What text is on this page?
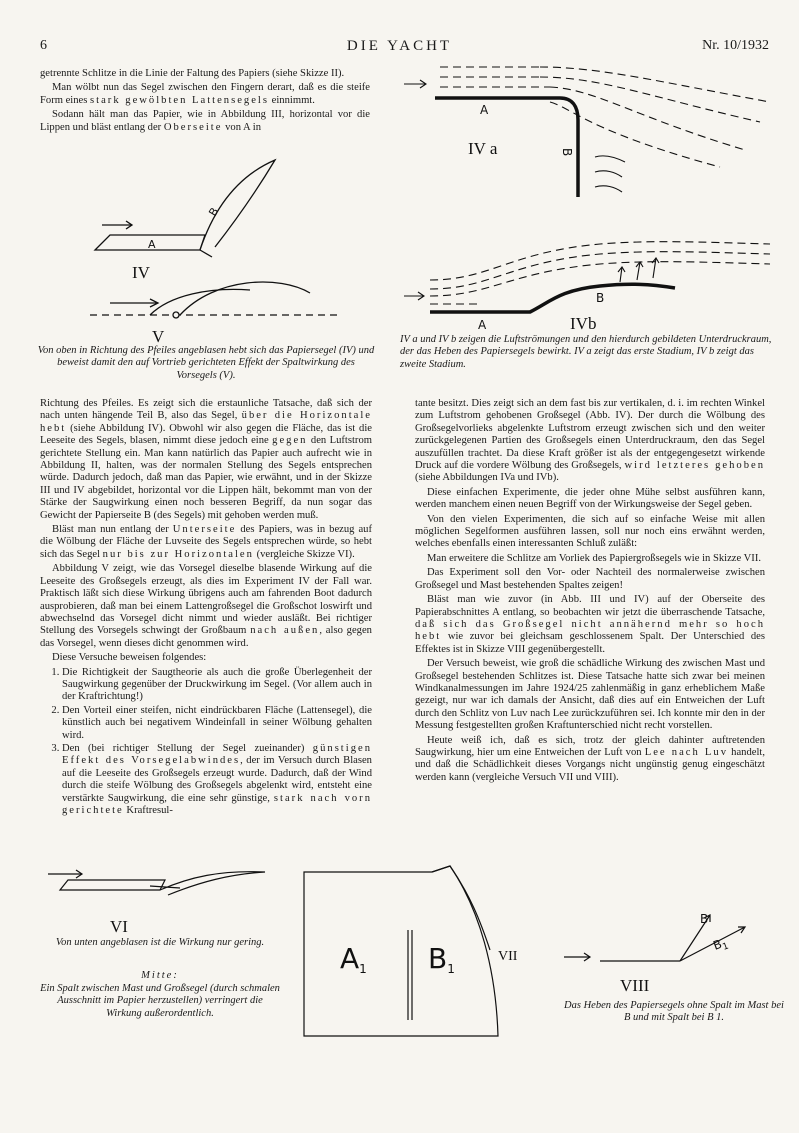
6	DIE YACHT	Nr. 10/1932

getrennte Schlitze in die Linie der Faltung des Papiers (siehe Skizze II).

Man wölbt nun das Segel zwischen den Fingern derart, daß es die steife Form eines stark gewölbten Lattensegels einnimmt.

Sodann hält man das Papier, wie in Abbildung III, horizontal vor die Lippen und bläst entlang der Oberseite von A in

A
B
IV
V
Von oben in Richtung des Pfeiles angeblasen hebt sich das Papiersegel (IV) und beweist damit den auf Vortrieb gerichteten Effekt der Spaltwirkung des Vorsegels (V).
A
B
IV a
A
B
IVb
IV a und IV b zeigen die Luftströmungen und den hierdurch gebildeten Unterdruckraum, der das Heben des Papiersegels bewirkt. IV a zeigt das erste Stadium, IV b zeigt das zweite Stadium.

Richtung des Pfeiles. Es zeigt sich die erstaunliche Tatsache, daß sich der nach unten hängende Teil B, also das Segel, über die Horizontale hebt (siehe Abbildung IV). Obwohl wir also gegen die Fläche, das ist die Leeseite des Segels, blasen, nimmt diese jedoch eine gegen den Luftstrom gerichtete Stellung ein. Man kann natürlich das Papier auch aufrecht wie in Abbildung II, halten, was der normalen Stellung des Segels entsprechen würde. Dadurch jedoch, daß man das Papier, wie erwähnt, und in der Skizze III und IV abgebildet, horizontal vor die Lippen hält, bekommt man von der Stärke der Saugwirkung einen noch besseren Begriff, da nun sogar das Gewicht der Papierseite B (des Segels) mit gehoben werden muß.

Bläst man nun entlang der Unterseite des Papiers, was in bezug auf die Wölbung der Fläche der Luvseite des Segels entsprechen würde, so hebt sich das Segel nur bis zur Horizontalen (vergleiche Skizze VI).

Abbildung V zeigt, wie das Vorsegel dieselbe blasende Wirkung auf die Leeseite des Großsegels erzeugt, als dies im Experiment IV der Fall war. Praktisch läßt sich diese Wirkung übrigens auch am fahrenden Boot dadurch ausprobieren, daß man bei einem Lattengroßsegel die Großschot loswirft und abwechselnd das Vorsegel dicht nimmt und wieder ausläßt. Bei richtiger Stellung des Vorsegels schwingt der Großbaum nach außen, also gegen das Vorsegel, wenn dieses dicht genommen wird.

Diese Versuche beweisen folgendes:

1. Die Richtigkeit der Saugtheorie als auch die große Überlegenheit der Saugwirkung gegenüber der Druckwirkung im Segel. (Vor allem auch in der Kraftrichtung!)
2. Den Vorteil einer steifen, nicht eindrückbaren Fläche (Lattensegel), die künstlich auch bei negativem Windeinfall in seiner Wölbung gehalten wird.
3. Den (bei richtiger Stellung der Segel zueinander) günstigen Effekt des Vorsegelabwindes, der im Versuch durch Blasen auf die Leeseite des Großsegels erzeugt wurde. Dadurch, daß der Wind durch die steife Wölbung des Großsegels abgelenkt wird, entsteht eine verstärkte Saugwirkung, die eine sehr günstige, stark nach vorn gerichtete Kraftresul-

tante besitzt. Dies zeigt sich an dem fast bis zur vertikalen, d. i. im rechten Winkel zum Luftstrom gehobenen Großsegel (Abb. IV). Der durch die Wölbung des Großsegelvorlieks abgelenkte Luftstrom erzeugt zwischen sich und den weiter zurückgelegenen Partien des Großsegels einen Unterdruckraum, den das Segel auszufüllen trachtet. Da diese Kraft größer ist als der entgegengesetzt wirkende Druck auf die vordere Wölbung des Großsegels, wird letzteres gehoben (siehe Abbildungen IVa und IVb).

Diese einfachen Experimente, die jeder ohne Mühe selbst ausführen kann, werden manchem einen neuen Begriff von der Wirkungsweise der Segel geben.

Von den vielen Experimenten, die sich auf so einfache Weise mit allen möglichen Segelformen ausführen lassen, soll nur noch eins erwähnt werden, welches ebenfalls einen interessanten Schluß zuläßt:

Man erweitere die Schlitze am Vorliek des Papiergroßsegels wie in Skizze VII.

Das Experiment soll den Vor- oder Nachteil des normalerweise zwischen Großsegel und Mast bestehenden Spaltes zeigen!

Bläst man wie zuvor (in Abb. III und IV) auf der Oberseite des Papierabschnittes A entlang, so beobachten wir jetzt die überraschende Tatsache, daß sich das Großsegel nicht annähernd mehr so hoch hebt wie zuvor bei gleichsam geschlossenem Spalt. Der Unterschied des Effektes ist in Skizze VIII gegenübergestellt.

Der Versuch beweist, wie groß die schädliche Wirkung des zwischen Mast und Großsegel bestehenden Schlitzes ist. Diese Tatsache hatte sich zwar bei meinen Windkanalmessungen im Jahre 1924/25 zahlenmäßig in ganz erheblichem Maße gezeigt, nur war ich damals der Ansicht, daß dies auf ein Entweichen der Luft durch den Schlitz von Luv nach Lee zurückzuführen sei. Ich konnte mir den in der Messung festgestellten großen Kraftunterschied nicht recht vorstellen.

Heute weiß ich, daß es sich, trotz der gleich dahinter auftretenden Saugwirkung, hier um eine Entweichen der Luft von Lee nach Luv handelt, und daß die Schädlichkeit dieses Vorgangs nicht ungünstig genug eingeschätzt werden kann (vergleiche Versuch VII und VIII).

VI
Von unten angeblasen ist die Wirkung nur gering.
Mitte:
Ein Spalt zwischen Mast und Großsegel (durch schmalen Ausschnitt im Papier herzustellen) verringert die Wirkung außerordentlich.
A1 B1
VII
B
$B_1$
VIII
Das Heben des Papiersegels ohne Spalt im Mast bei B und mit Spalt bei B 1.
